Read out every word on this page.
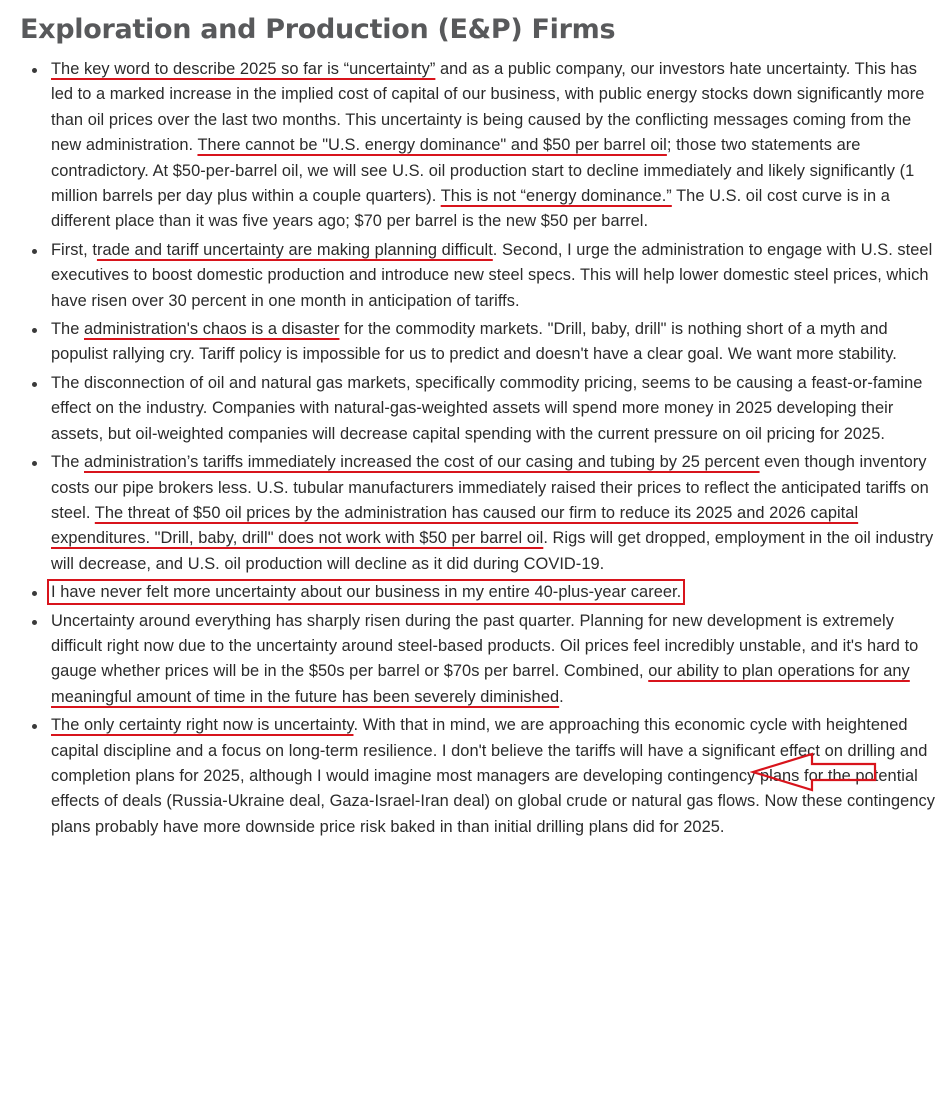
Exploration and Production (E&P) Firms
The key word to describe 2025 so far is “uncertainty” and as a public company, our investors hate uncertainty. This has led to a marked increase in the implied cost of capital of our business, with public energy stocks down significantly more than oil prices over the last two months. This uncertainty is being caused by the conflicting messages coming from the new administration. There cannot be "U.S. energy dominance" and $50 per barrel oil; those two statements are contradictory. At $50-per-barrel oil, we will see U.S. oil production start to decline immediately and likely significantly (1 million barrels per day plus within a couple quarters). This is not “energy dominance.” The U.S. oil cost curve is in a different place than it was five years ago; $70 per barrel is the new $50 per barrel.
First, trade and tariff uncertainty are making planning difficult. Second, I urge the administration to engage with U.S. steel executives to boost domestic production and introduce new steel specs. This will help lower domestic steel prices, which have risen over 30 percent in one month in anticipation of tariffs.
The administration's chaos is a disaster for the commodity markets. "Drill, baby, drill" is nothing short of a myth and populist rallying cry. Tariff policy is impossible for us to predict and doesn't have a clear goal. We want more stability.
The disconnection of oil and natural gas markets, specifically commodity pricing, seems to be causing a feast-or-famine effect on the industry. Companies with natural-gas-weighted assets will spend more money in 2025 developing their assets, but oil-weighted companies will decrease capital spending with the current pressure on oil pricing for 2025.
The administration’s tariffs immediately increased the cost of our casing and tubing by 25 percent even though inventory costs our pipe brokers less. U.S. tubular manufacturers immediately raised their prices to reflect the anticipated tariffs on steel. The threat of $50 oil prices by the administration has caused our firm to reduce its 2025 and 2026 capital expenditures. "Drill, baby, drill" does not work with $50 per barrel oil. Rigs will get dropped, employment in the oil industry will decrease, and U.S. oil production will decline as it did during COVID-19.
I have never felt more uncertainty about our business in my entire 40-plus-year career.
Uncertainty around everything has sharply risen during the past quarter. Planning for new development is extremely difficult right now due to the uncertainty around steel-based products. Oil prices feel incredibly unstable, and it's hard to gauge whether prices will be in the $50s per barrel or $70s per barrel. Combined, our ability to plan operations for any meaningful amount of time in the future has been severely diminished.
The only certainty right now is uncertainty. With that in mind, we are approaching this economic cycle with heightened capital discipline and a focus on long-term resilience. I don't believe the tariffs will have a significant effect on drilling and completion plans for 2025, although I would imagine most managers are developing contingency plans for the potential effects of deals (Russia-Ukraine deal, Gaza-Israel-Iran deal) on global crude or natural gas flows. Now these contingency plans probably have more downside price risk baked in than initial drilling plans did for 2025.
